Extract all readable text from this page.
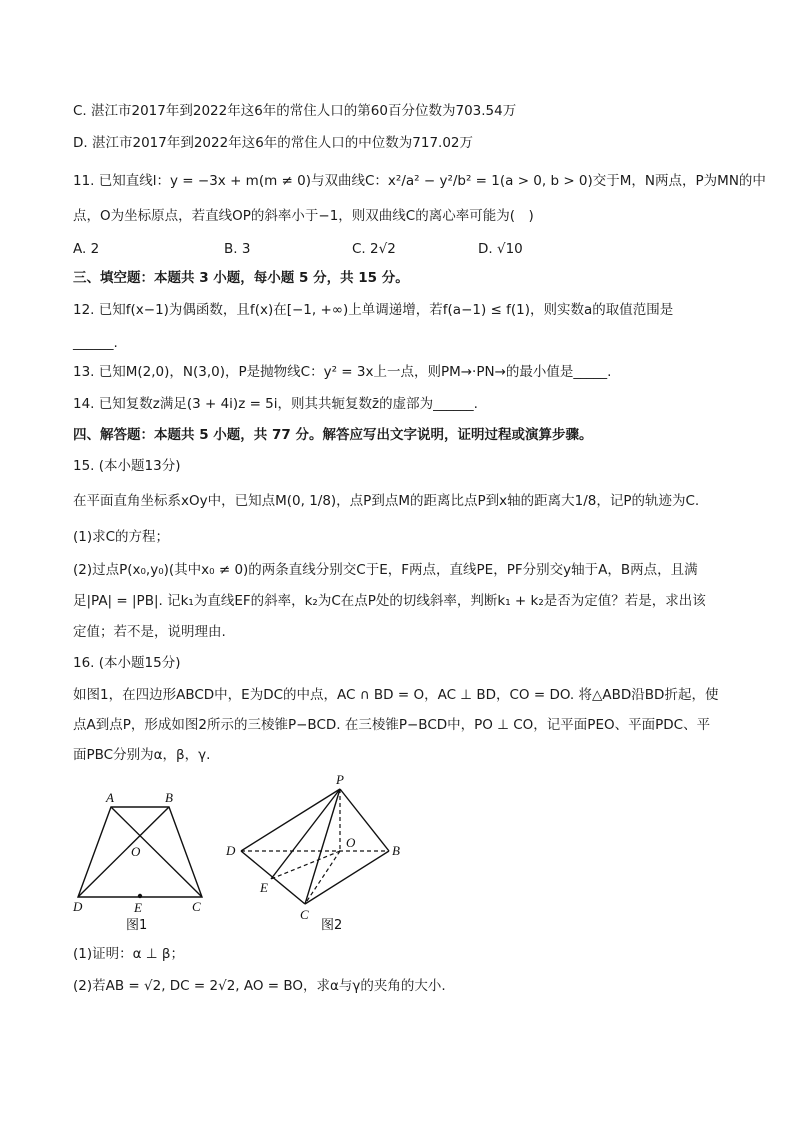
C. 湛江市2017年到2022年这6年的常住人口的第60百分位数为703.54万
D. 湛江市2017年到2022年这6年的常住人口的中位数为717.02万
11. 已知直线l：y = −3x + m(m ≠ 0)与双曲线C：x²/a² − y²/b² = 1(a > 0, b > 0)交于M，N两点，P为MN的中
点，O为坐标原点，若直线OP的斜率小于−1，则双曲线C的离心率可能为(　)
A. 2	B. 3	C. 2√2	D. √10
三、填空题：本题共 3 小题，每小题 5 分，共 15 分。
12. 已知f(x−1)为偶函数，且f(x)在[−1, +∞)上单调递增，若f(a−1) ≤ f(1)，则实数a的取值范围是
______.
13. 已知M(2,0)，N(3,0)，P是抛物线C：y² = 3x上一点，则PM→·PN→的最小值是_____.
14. 已知复数z满足(3 + 4i)z = 5i，则其共轭复数z̄的虚部为______.
四、解答题：本题共 5 小题，共 77 分。解答应写出文字说明，证明过程或演算步骤。
15. (本小题13分)
在平面直角坐标系xOy中，已知点M(0, 1/8)，点P到点M的距离比点P到x轴的距离大1/8，记P的轨迹为C.
(1)求C的方程；
(2)过点P(x₀,y₀)(其中x₀ ≠ 0)的两条直线分别交C于E，F两点，直线PE，PF分别交y轴于A，B两点，且满
足|PA| = |PB|. 记k₁为直线EF的斜率，k₂为C在点P处的切线斜率，判断k₁ + k₂是否为定值？若是，求出该
定值；若不是，说明理由.
16. (本小题15分)
如图1，在四边形ABCD中，E为DC的中点，AC ∩ BD = O，AC ⊥ BD，CO = DO. 将△ABD沿BD折起，使
点A到点P，形成如图2所示的三棱锥P−BCD. 在三棱锥P−BCD中，PO ⊥ CO，记平面PEO、平面PDC、平
面PBC分别为α，β，γ.
A	B
C
D
O
E
图1
P
B
C
D
O
E
图2
(1)证明：α ⊥ β；
(2)若AB = √2, DC = 2√2, AO = BO，求α与γ的夹角的大小.
